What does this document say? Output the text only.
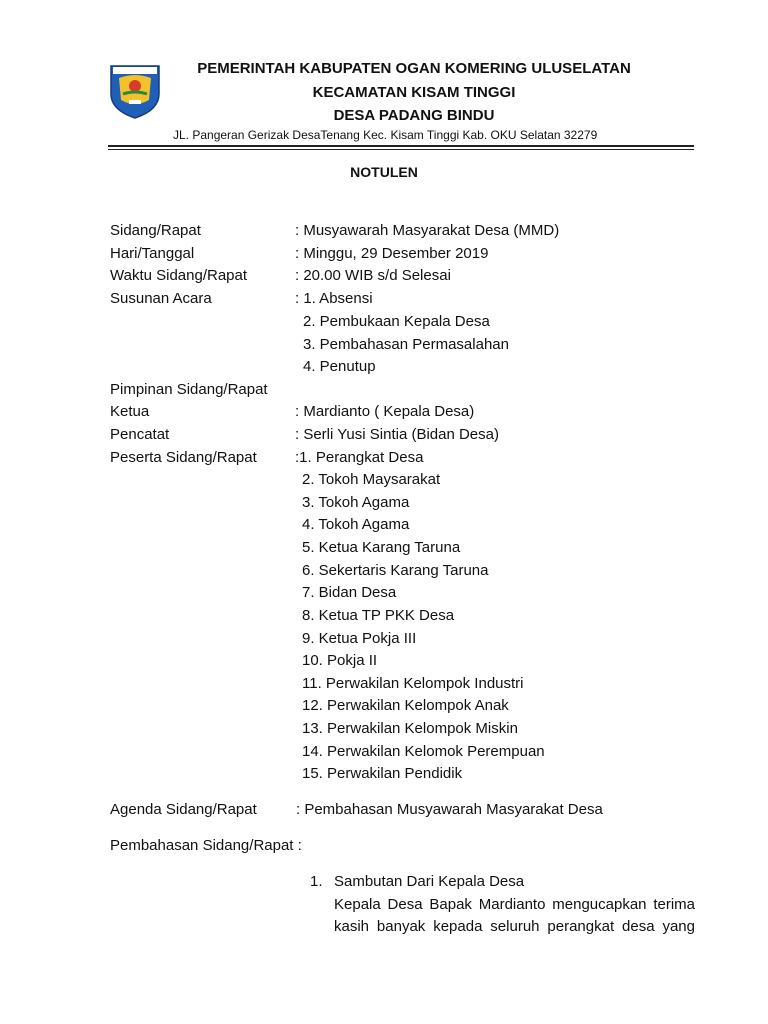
PEMERINTAH KABUPATEN OGAN KOMERING ULUSELATAN
KECAMATAN KISAM TINGGI
DESA PADANG BINDU
JL. Pangeran Gerizak DesaTenang Kec. Kisam Tinggi Kab. OKU Selatan 32279
NOTULEN
Sidang/Rapat	: Musyawarah Masyarakat Desa (MMD)
Hari/Tanggal	: Minggu, 29 Desember 2019
Waktu Sidang/Rapat	: 20.00 WIB s/d Selesai
Susunan Acara	: 1. Absensi
2. Pembukaan Kepala Desa
3. Pembahasan Permasalahan
4. Penutup
Pimpinan Sidang/Rapat
Ketua	: Mardianto ( Kepala Desa)
Pencatat	: Serli Yusi Sintia (Bidan Desa)
Peserta Sidang/Rapat	:1. Perangkat Desa
2. Tokoh Maysarakat
3. Tokoh Agama
4. Tokoh Agama
5. Ketua Karang Taruna
6. Sekertaris Karang Taruna
7. Bidan Desa
8. Ketua TP PKK Desa
9. Ketua Pokja III
10. Pokja II
11. Perwakilan Kelompok Industri
12. Perwakilan Kelompok Anak
13. Perwakilan Kelompok Miskin
14. Perwakilan Kelomok Perempuan
15. Perwakilan Pendidik
Agenda Sidang/Rapat	: Pembahasan Musyawarah Masyarakat Desa
Pembahasan Sidang/Rapat :
1. Sambutan Dari Kepala Desa
Kepala Desa Bapak Mardianto mengucapkan terima
kasih banyak kepada seluruh perangkat desa yang
